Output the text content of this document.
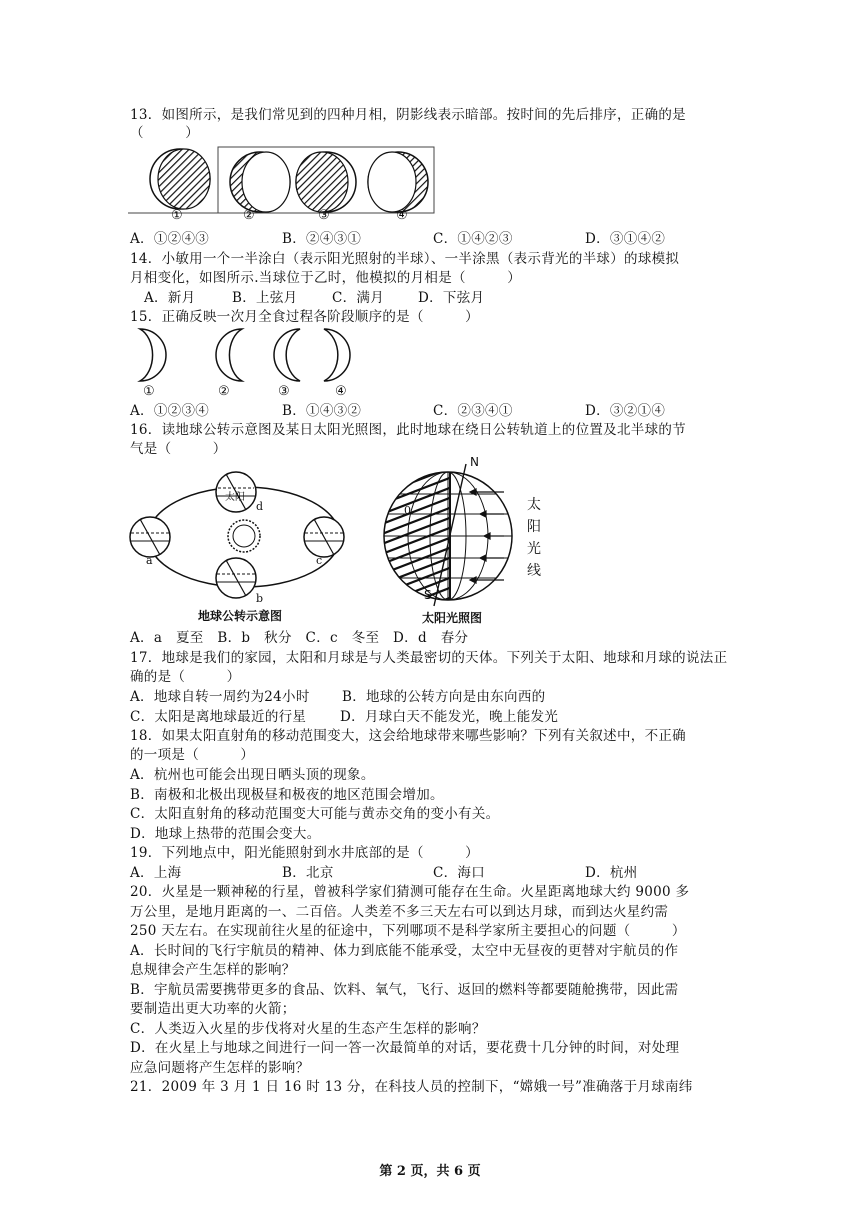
13．如图所示，是我们常见到的四种月相，阴影线表示暗部。按时间的先后排序，正确的是
（　　　）
①	②	③	④
A．①②④③	B．②④③①	C．①④②③	D．③①④②
14．小敏用一个一半涂白（表示阳光照射的半球）、一半涂黑（表示背光的半球）的球模拟
月相变化，如图所示.当球位于乙时，他模拟的月相是（　　　）
A．新月	B．上弦月	C．满月	D．下弦月
15．正确反映一次月全食过程各阶段顺序的是（　　　）
①	②	③	④
A．①②③④	B．①④③②	C．②③④①	D．③②①④
16．读地球公转示意图及某日太阳光照图，此时地球在绕日公转轨道上的位置及北半球的节
气是（　　　）
太阳
d
a	c
b
地球公转示意图
N
S
0	太
阳
光
线
太阳光照图
A．a　夏至　B．b　秋分　C．c　冬至　D．d　春分
17．地球是我们的家园，太阳和月球是与人类最密切的天体。下列关于太阳、地球和月球的说法正
确的是（　　　）
A．地球自转一周约为24小时 B．地球的公转方向是由东向西的
C．太阳是离地球最近的行星	D．月球白天不能发光，晚上能发光
18．如果太阳直射角的移动范围变大，这会给地球带来哪些影响？下列有关叙述中，不正确
的一项是（　　　）
A．杭州也可能会出现日晒头顶的现象。
B．南极和北极出现极昼和极夜的地区范围会增加。
C．太阳直射角的移动范围变大可能与黄赤交角的变小有关。
D．地球上热带的范围会变大。
19．下列地点中，阳光能照射到水井底部的是（　　　）
A．上海	B．北京	C．海口	D．杭州
20．火星是一颗神秘的行星，曾被科学家们猜测可能存在生命。火星距离地球大约 9000 多
万公里，是地月距离的一、二百倍。人类差不多三天左右可以到达月球，而到达火星约需
250 天左右。在实现前往火星的征途中，下列哪项不是科学家所主要担心的问题（　　　）
A．长时间的飞行宇航员的精神、体力到底能不能承受，太空中无昼夜的更替对宇航员的作
息规律会产生怎样的影响？
B．宇航员需要携带更多的食品、饮料、氧气，飞行、返回的燃料等都要随舱携带，因此需
要制造出更大功率的火箭；
C．人类迈入火星的步伐将对火星的生态产生怎样的影响？
D．在火星上与地球之间进行一问一答一次最简单的对话，要花费十几分钟的时间，对处理
应急问题将产生怎样的影响？
21．2009 年 3 月 1 日 16 时 13 分，在科技人员的控制下，“嫦娥一号”准确落于月球南纬
第 2 页，共 6 页
